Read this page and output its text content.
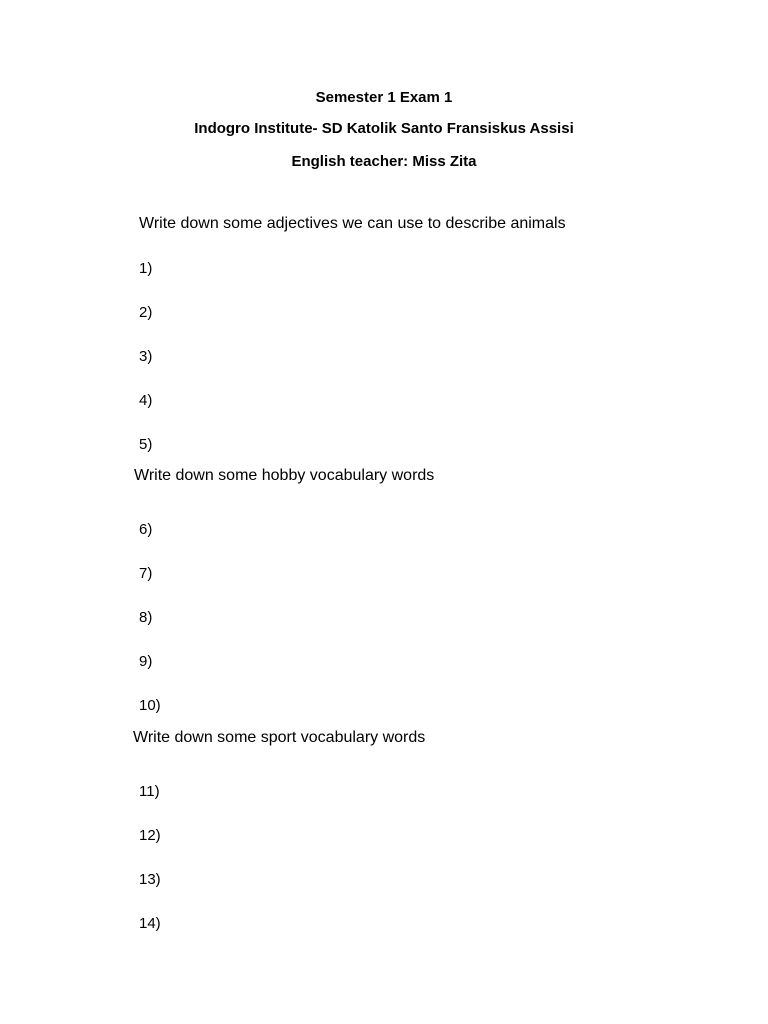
Semester 1 Exam 1
Indogro Institute- SD Katolik Santo Fransiskus Assisi
English teacher: Miss Zita
Write down some adjectives we can use to describe animals
1)
2)
3)
4)
5)
Write down some hobby vocabulary words
6)
7)
8)
9)
10)
Write down some sport vocabulary words
11)
12)
13)
14)
